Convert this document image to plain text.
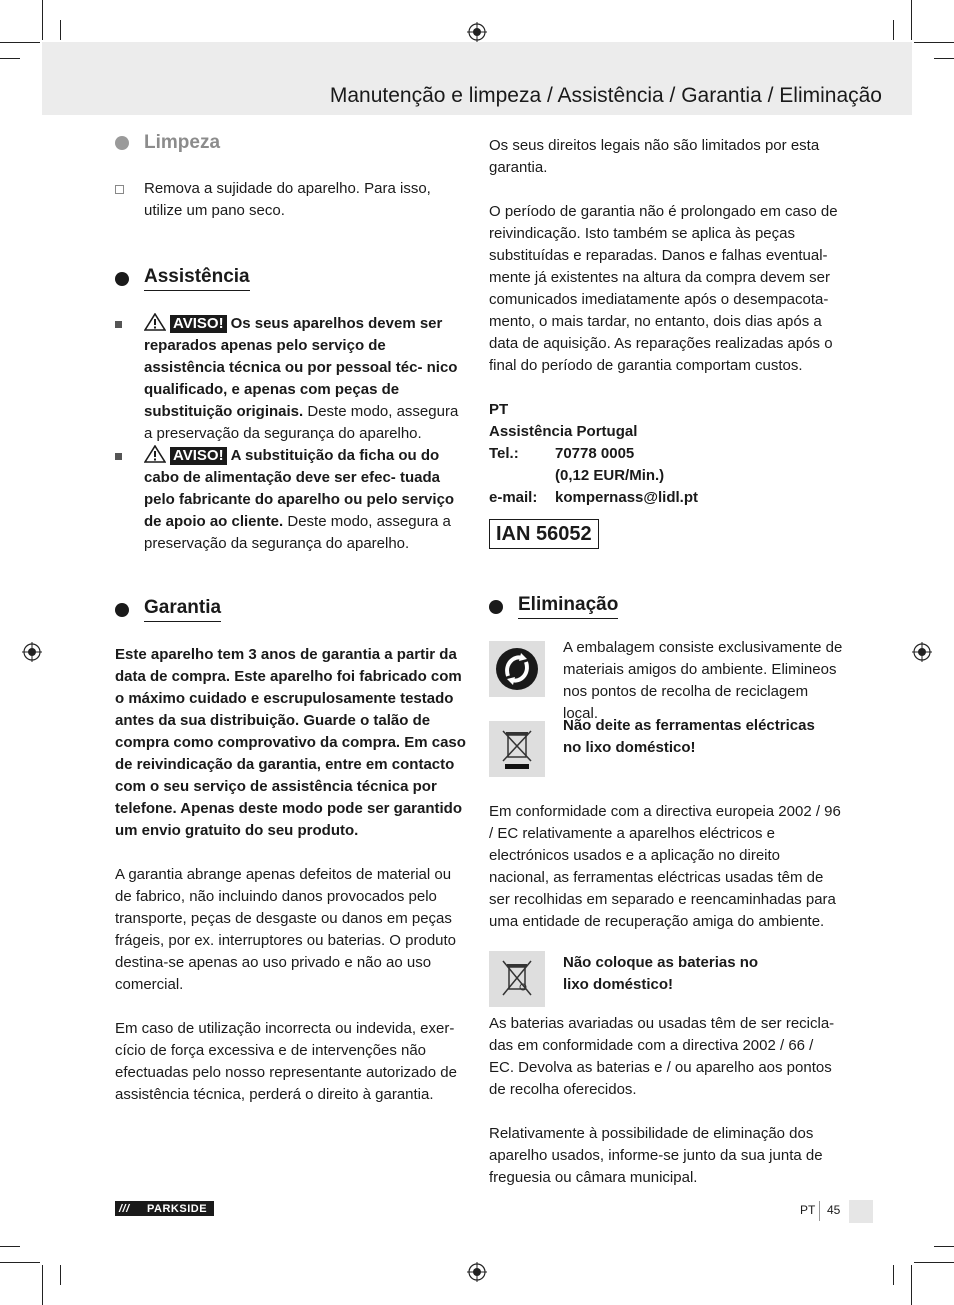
Manutenção e limpeza / Assistência / Garantia / Eliminação
Limpeza
Remova a sujidade do aparelho. Para isso, utilize um pano seco.
Assistência
AVISO! Os seus aparelhos devem ser reparados apenas pelo serviço de assistência técnica ou por pessoal téc- nico qualificado, e apenas com peças de substituição originais. Deste modo, assegura a preservação da segurança do aparelho.
AVISO! A substituição da ficha ou do cabo de alimentação deve ser efec- tuada pelo fabricante do aparelho ou pelo serviço de apoio ao cliente. Deste modo, assegura a preservação da segurança do aparelho.
Garantia

Este aparelho tem 3 anos de garantia a partir da data de compra. Este aparelho foi fabricado com o máximo cuidado e escrupulosamente testado antes da sua distribuição. Guarde o talão de compra como comprovativo da compra. Em caso de reivindicação da garantia, entre em contacto com o seu serviço de assistência técnica por telefone. Apenas deste modo pode ser garantido um envio gratuito do seu produto.

A garantia abrange apenas defeitos de material ou de fabrico, não incluindo danos provocados pelo transporte, peças de desgaste ou danos em peças frágeis, por ex. interruptores ou baterias. O produto destina-se apenas ao uso privado e não ao uso comercial.

Em caso de utilização incorrecta ou indevida, exer- cício de força excessiva e de intervenções não efectuadas pelo nosso representante autorizado de assistência técnica, perderá o direito à garantia.

Os seus direitos legais não são limitados por esta garantia.

O período de garantia não é prolongado em caso de reivindicação. Isto também se aplica às peças substituídas e reparadas. Danos e falhas eventual- mente já existentes na altura da compra devem ser comunicados imediatamente após o desempacota- mento, o mais tardar, no entanto, dois dias após a data de aquisição. As reparações realizadas após o final do período de garantia comportam custos.

PT
Assistência Portugal
Tel.:	70778 0005
(0,12 EUR/Min.)
e-mail:	kompernass@lidl.pt
IAN 56052
Eliminação
A embalagem consiste exclusivamente de materiais amigos do ambiente. Elimineos nos pontos de recolha de reciclagem local.
Não deite as ferramentas eléctricas no lixo doméstico!

Em conformidade com a directiva europeia 2002 / 96 / EC relativamente a aparelhos eléctricos e electrónicos usados e a aplicação no direito nacional, as ferramentas eléctricas usadas têm de ser recolhidas em separado e reencaminhadas para uma entidade de recuperação amiga do ambiente.

Não coloque as baterias no lixo doméstico!

As baterias avariadas ou usadas têm de ser recicla- das em conformidade com a directiva 2002 / 66 / EC. Devolva as baterias e / ou aparelho aos pontos de recolha oferecidos.

Relativamente à possibilidade de eliminação dos aparelho usados, informe-se junto da sua junta de freguesia ou câmara municipal.

///	PARKSIDE	PT 45
